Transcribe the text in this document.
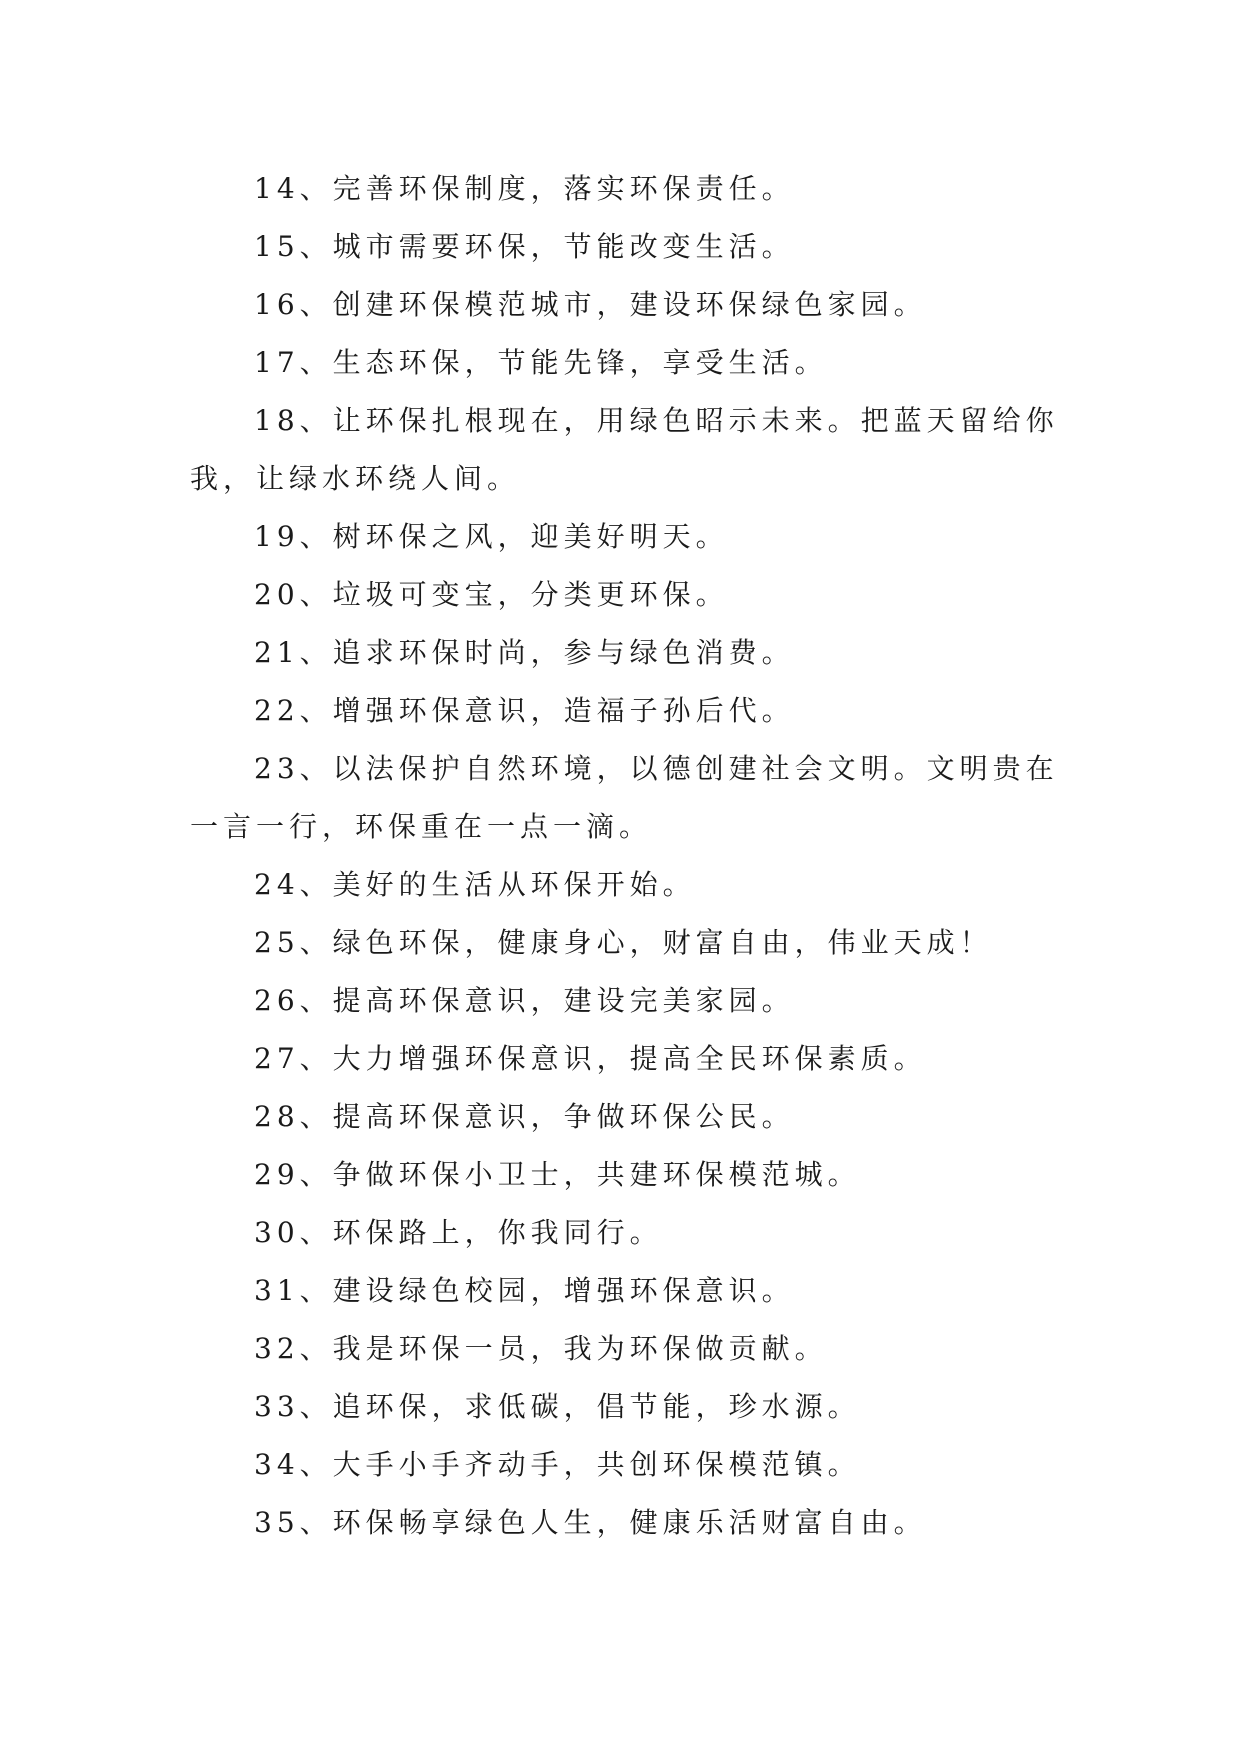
14、完善环保制度，落实环保责任。

15、城市需要环保，节能改变生活。

16、创建环保模范城市，建设环保绿色家园。

17、生态环保，节能先锋，享受生活。

18、让环保扎根现在，用绿色昭示未来。把蓝天留给你我，让绿水环绕人间。

19、树环保之风，迎美好明天。

20、垃圾可变宝，分类更环保。

21、追求环保时尚，参与绿色消费。

22、增强环保意识，造福子孙后代。

23、以法保护自然环境，以德创建社会文明。文明贵在一言一行，环保重在一点一滴。

24、美好的生活从环保开始。

25、绿色环保，健康身心，财富自由，伟业天成！

26、提高环保意识，建设完美家园。

27、大力增强环保意识，提高全民环保素质。

28、提高环保意识，争做环保公民。

29、争做环保小卫士，共建环保模范城。

30、环保路上，你我同行。

31、建设绿色校园，增强环保意识。

32、我是环保一员，我为环保做贡献。

33、追环保，求低碳，倡节能，珍水源。

34、大手小手齐动手，共创环保模范镇。

35、环保畅享绿色人生，健康乐活财富自由。
